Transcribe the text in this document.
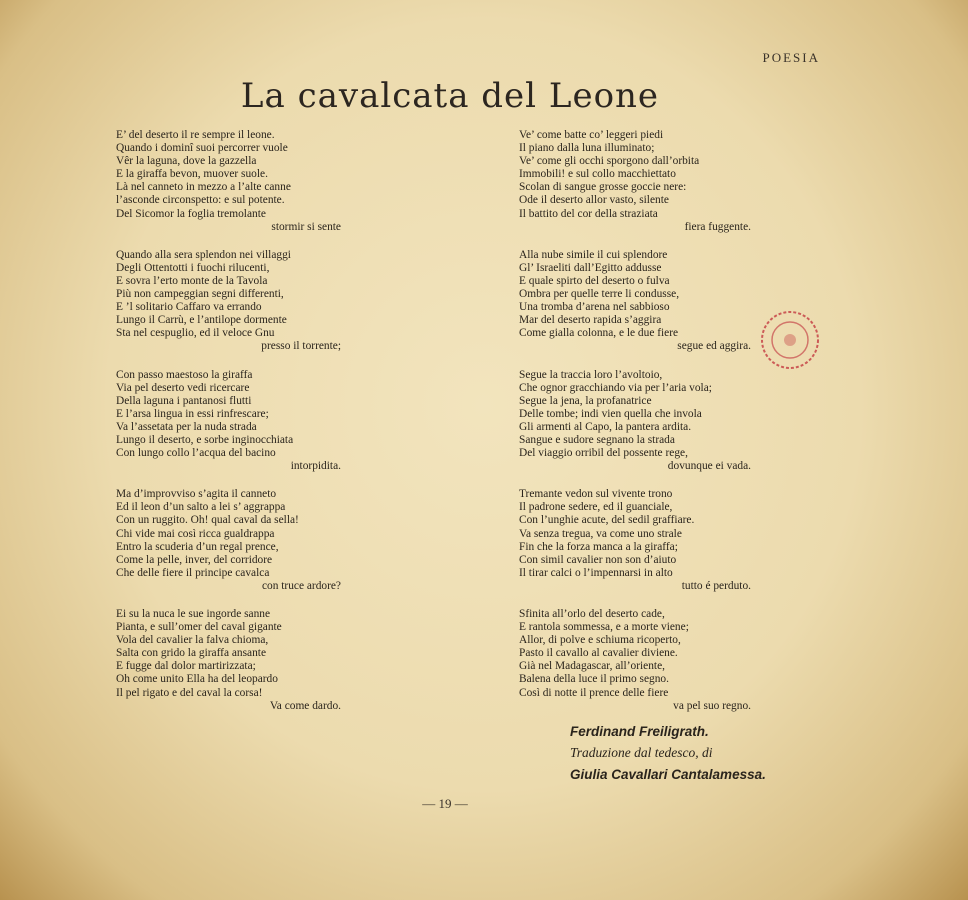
POESIA
La cavalcata del Leone
E’ del deserto il re sempre il leone.
Quando i dominî suoi percorrer vuole
Vêr la laguna, dove la gazzella
E la giraffa bevon, muover suole.
Là nel canneto in mezzo a l’alte canne
l’asconde circonspetto: e sul potente.
Del Sicomor la foglia tremolante
stormir si sente
Quando alla sera splendon nei villaggi
Degli Ottentotti i fuochi rilucenti,
E sovra l’erto monte de la Tavola
Più non campeggian segni differenti,
E ’l solitario Caffaro va errando
Lungo il Carrù, e l’antilope dormente
Sta nel cespuglio, ed il veloce Gnu
presso il torrente;
Con passo maestoso la giraffa
Via pel deserto vedi ricercare
Della laguna i pantanosi flutti
E l’arsa lingua in essi rinfrescare;
Va l’assetata per la nuda strada
Lungo il deserto, e sorbe inginocchiata
Con lungo collo l’acqua del bacino
intorpidita.
Ma d’improvviso s’agita il canneto
Ed il leon d’un salto a lei s’ aggrappa
Con un ruggito. Oh! qual caval da sella!
Chi vide mai così ricca gualdrappa
Entro la scuderia d’un regal prence,
Come la pelle, inver, del corridore
Che delle fiere il principe cavalca
con truce ardore?
Ei su la nuca le sue ingorde sanne
Pianta, e sull’omer del caval gigante
Vola del cavalier la falva chioma,
Salta con grido la giraffa ansante
E fugge dal dolor martirizzata;
Oh come unito Ella ha del leopardo
Il pel rigato e del caval la corsa!
Va come dardo.
Ve’ come batte co’ leggeri piedi
Il piano dalla luna illuminato;
Ve’ come gli occhi sporgono dall’orbita
Immobili! e sul collo macchiettato
Scolan di sangue grosse goccie nere:
Ode il deserto allor vasto, silente
Il battito del cor della straziata
fiera fuggente.
Alla nube simile il cui splendore
Gl’ Israeliti dall’Egitto addusse
E quale spirto del deserto o fulva
Ombra per quelle terre li condusse,
Una tromba d’arena nel sabbioso
Mar del deserto rapida s’aggira
Come gialla colonna, e le due fiere
segue ed aggira.
Segue la traccia loro l’avoltoio,
Che ognor gracchiando via per l’aria vola;
Segue la jena, la profanatrice
Delle tombe; indi vien quella che invola
Gli armenti al Capo, la pantera ardita.
Sangue e sudore segnano la strada
Del viaggio orribil del possente rege,
dovunque ei vada.
Tremante vedon sul vivente trono
Il padrone sedere, ed il guanciale,
Con l’unghie acute, del sedil graffiare.
Va senza tregua, va come uno strale
Fin che la forza manca a la giraffa;
Con simil cavalier non son d’aiuto
Il tirar calci o l’impennarsi in alto
tutto é perduto.
Sfinita all’orlo del deserto cade,
E rantola sommessa, e a morte viene;
Allor, di polve e schiuma ricoperto,
Pasto il cavallo al cavalier diviene.
Già nel Madagascar, all’oriente,
Balena della luce il primo segno.
Così di notte il prence delle fiere
va pel suo regno.
Ferdinand Freiligrath.
Traduzione dal tedesco, di
Giulia Cavallari Cantalamessa.
— 19 —
